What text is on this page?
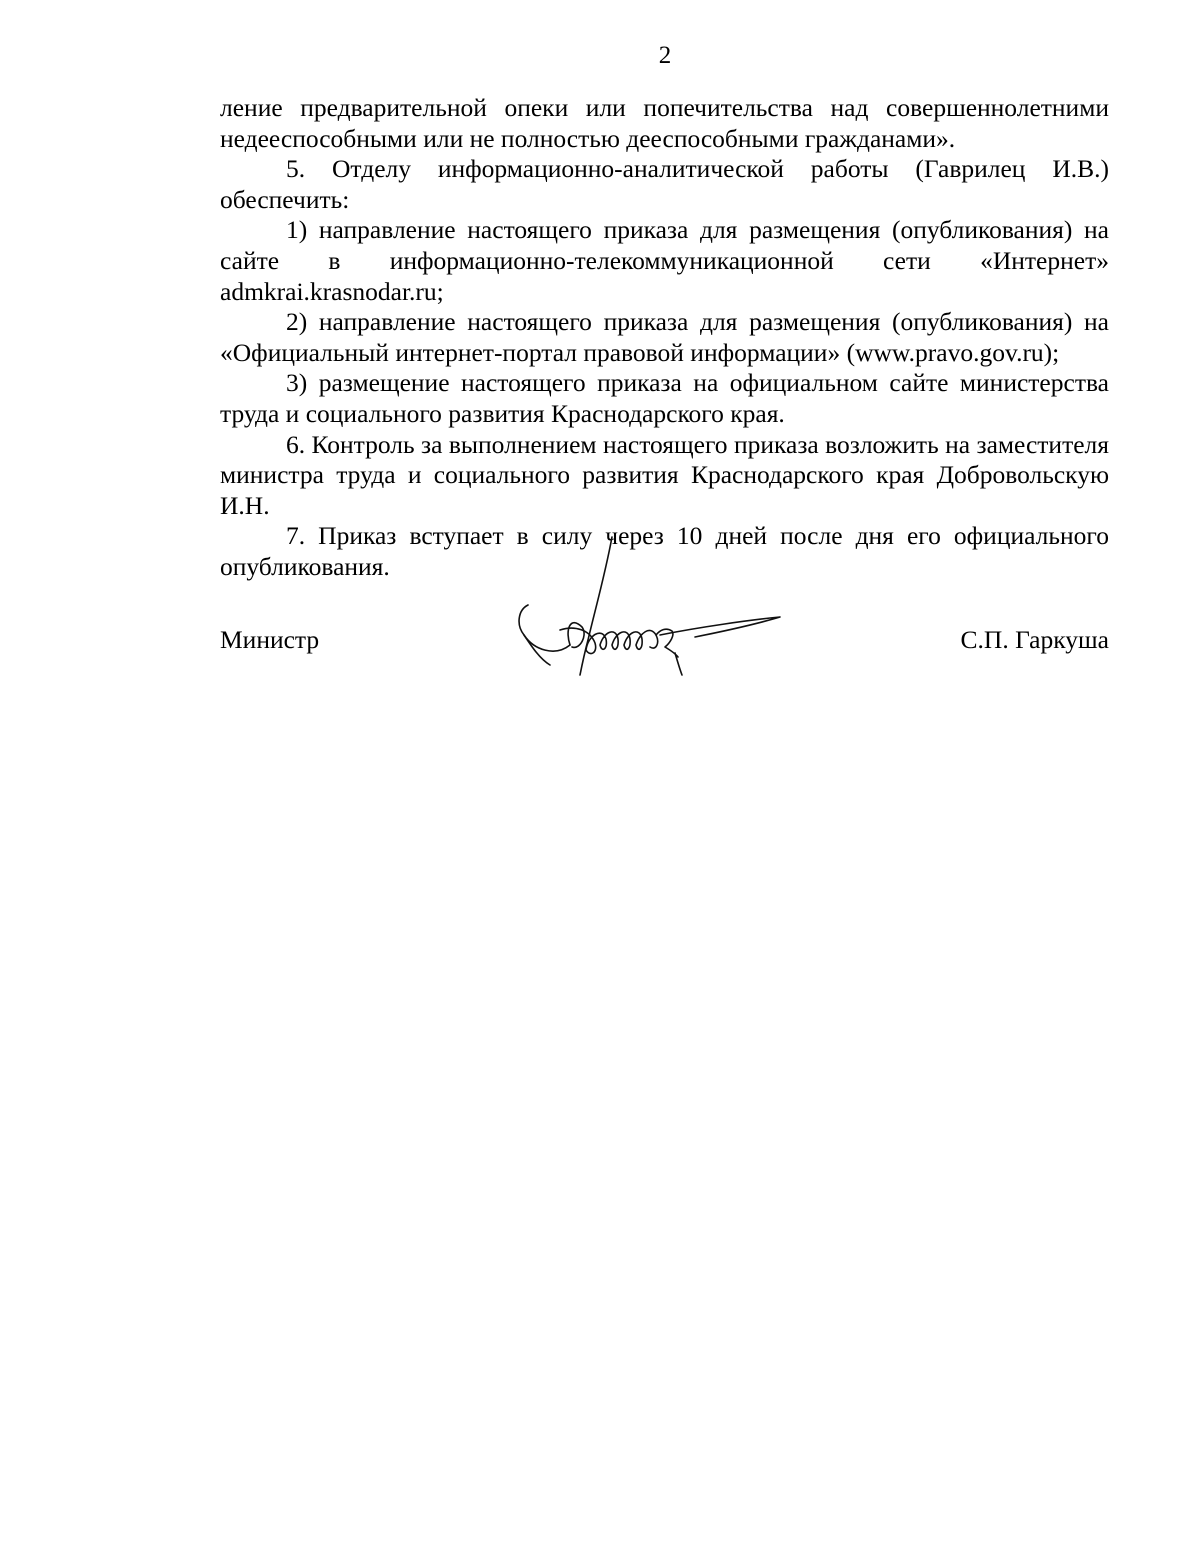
2

ление предварительной опеки или попечительства над совершеннолетними недееспособными или не полностью дееспособными гражданами».

5. Отделу информационно-аналитической работы (Гаврилец И.В.) обеспечить:

1) направление настоящего приказа для размещения (опубликования) на сайте в информационно-телекоммуникационной сети «Интернет»

admkrai.krasnodar.ru;

2) направление настоящего приказа для размещения (опубликования) на «Официальный интернет-портал правовой информации» (www.pravo.gov.ru);

3) размещение настоящего приказа на официальном сайте министерства труда и социального развития Краснодарского края.

6. Контроль за выполнением настоящего приказа возложить на заместителя министра труда и социального развития Краснодарского края Добровольскую И.Н.

7. Приказ вступает в силу через 10 дней после дня его официального опубликования.

Министр	С.П. Гаркуша
